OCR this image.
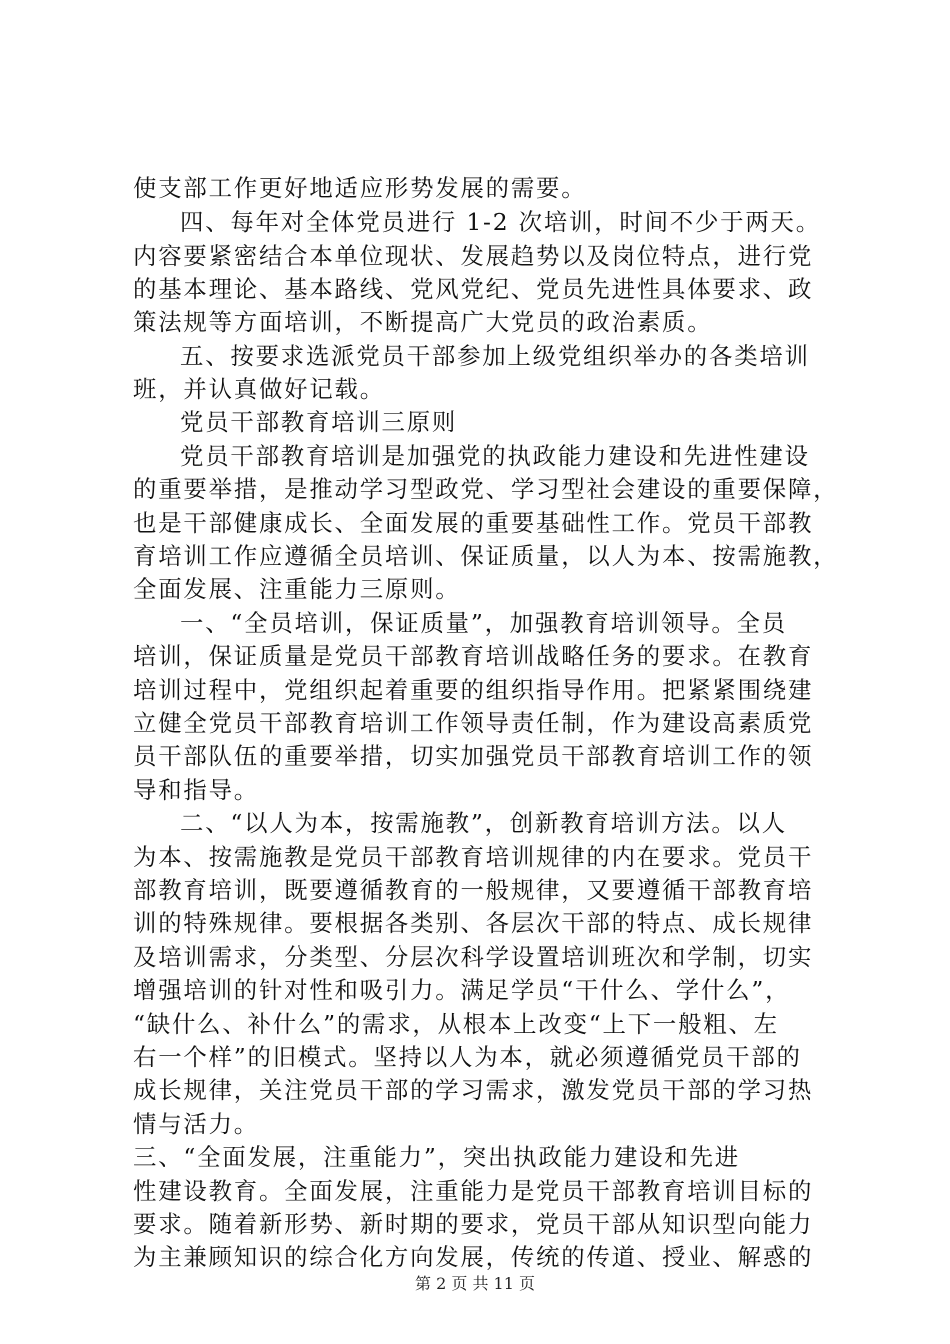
使支部工作更好地适应形势发展的需要。
四、每年对全体党员进行 1-2 次培训，时间不少于两天。
内容要紧密结合本单位现状、发展趋势以及岗位特点，进行党
的基本理论、基本路线、党风党纪、党员先进性具体要求、政
策法规等方面培训，不断提高广大党员的政治素质。
五、按要求选派党员干部参加上级党组织举办的各类培训
班，并认真做好记载。
党员干部教育培训三原则
党员干部教育培训是加强党的执政能力建设和先进性建设
的重要举措，是推动学习型政党、学习型社会建设的重要保障，
也是干部健康成长、全面发展的重要基础性工作。党员干部教
育培训工作应遵循全员培训、保证质量，以人为本、按需施教，
全面发展、注重能力三原则。
一、“全员培训，保证质量”，加强教育培训领导。全员
培训，保证质量是党员干部教育培训战略任务的要求。在教育
培训过程中，党组织起着重要的组织指导作用。把紧紧围绕建
立健全党员干部教育培训工作领导责任制，作为建设高素质党
员干部队伍的重要举措，切实加强党员干部教育培训工作的领
导和指导。
二、“以人为本，按需施教”，创新教育培训方法。以人
为本、按需施教是党员干部教育培训规律的内在要求。党员干
部教育培训，既要遵循教育的一般规律，又要遵循干部教育培
训的特殊规律。要根据各类别、各层次干部的特点、成长规律
及培训需求，分类型、分层次科学设置培训班次和学制，切实
增强培训的针对性和吸引力。满足学员“干什么、学什么”，
“缺什么、补什么”的需求，从根本上改变“上下一般粗、左
右一个样”的旧模式。坚持以人为本，就必须遵循党员干部的
成长规律，关注党员干部的学习需求，激发党员干部的学习热
情与活力。
三、“全面发展，注重能力”，突出执政能力建设和先进
性建设教育。全面发展，注重能力是党员干部教育培训目标的
要求。随着新形势、新时期的要求，党员干部从知识型向能力
为主兼顾知识的综合化方向发展，传统的传道、授业、解惑的
第 2 页 共 11 页
